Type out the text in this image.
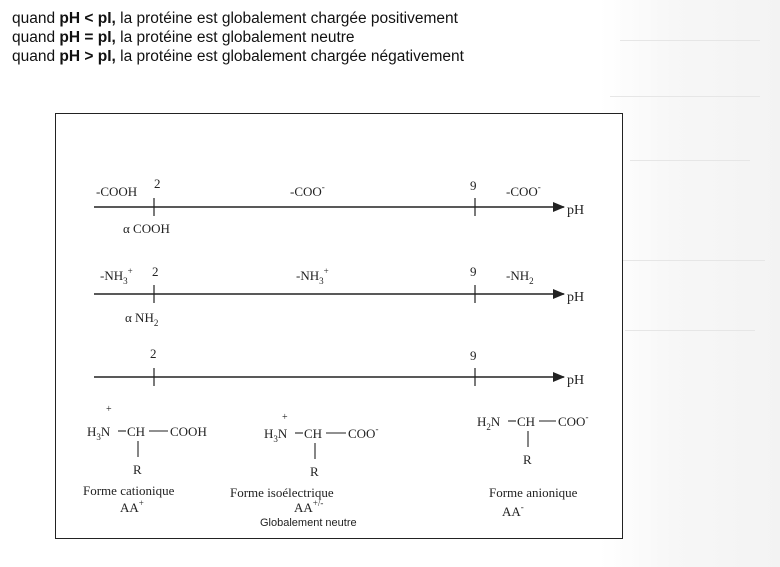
quand pH < pI, la protéine est globalement chargée positivement
quand pH = pI, la protéine est globalement neutre
quand pH > pI, la protéine est globalement chargée négativement
2	9
-COOH	-COO-	-COO-
pH
α COOH
2	9
$-NH_3^+$	$-NH_3^+$	$-NH_2$
pH
α $NH_2$
2	9
pH
+
$H_3N$ CH COOH
R
Forme cationique
AA+
+
$H_3N$ CH COO-
R
Forme isoélectrique
AA+/-
Globalement neutre
$H_2N$ CH COO-
R
Forme anionique
AA-
